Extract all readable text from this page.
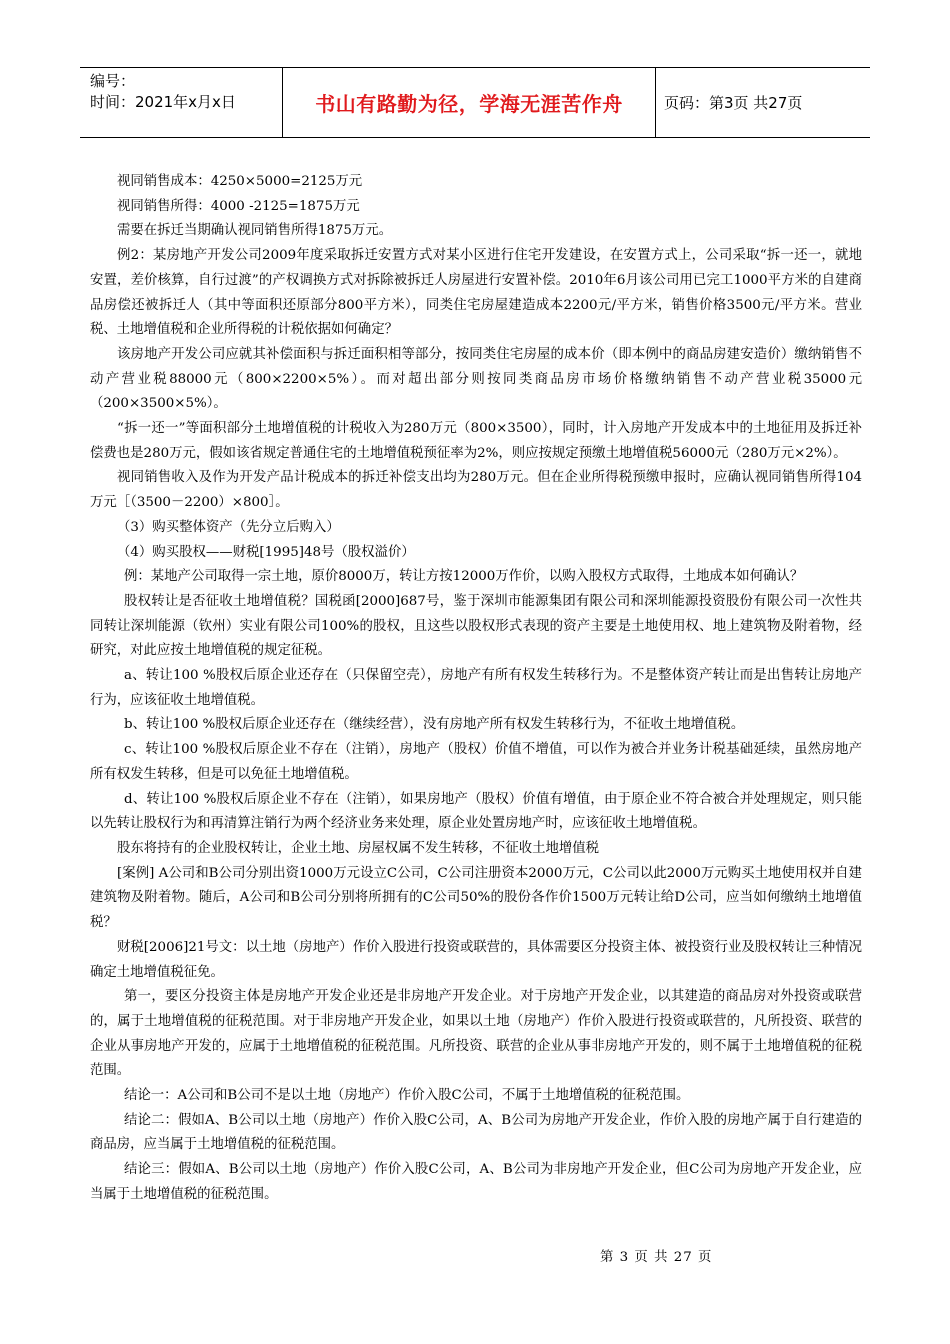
编号：
时间：2021年x月x日	书山有路勤为径，学海无涯苦作舟	页码：第3页 共27页

视同销售成本：4250×5000=2125万元

视同销售所得：4000 -2125=1875万元

需要在拆迁当期确认视同销售所得1875万元。

例2：某房地产开发公司2009年度采取拆迁安置方式对某小区进行住宅开发建设，在安置方式上，公司采取“拆一还一，就地安置，差价核算，自行过渡”的产权调换方式对拆除被拆迁人房屋进行安置补偿。2010年6月该公司用已完工1000平方米的自建商品房偿还被拆迁人（其中等面积还原部分800平方米），同类住宅房屋建造成本2200元/平方米，销售价格3500元/平方米。营业税、土地增值税和企业所得税的计税依据如何确定？

该房地产开发公司应就其补偿面积与拆迁面积相等部分，按同类住宅房屋的成本价（即本例中的商品房建安造价）缴纳销售不动产营业税88000元（800×2200×5%）。而对超出部分则按同类商品房市场价格缴纳销售不动产营业税35000元（200×3500×5%）。

“拆一还一”等面积部分土地增值税的计税收入为280万元（800×3500），同时，计入房地产开发成本中的土地征用及拆迁补偿费也是280万元，假如该省规定普通住宅的土地增值税预征率为2%，则应按规定预缴土地增值税56000元（280万元×2%）。

视同销售收入及作为开发产品计税成本的拆迁补偿支出均为280万元。但在企业所得税预缴申报时，应确认视同销售所得104万元［（3500－2200）×800］。

（3）购买整体资产（先分立后购入）

（4）购买股权——财税[1995]48号（股权溢价）

例：某地产公司取得一宗土地，原价8000万，转让方按12000万作价，以购入股权方式取得，土地成本如何确认？

股权转让是否征收土地增值税？国税函[2000]687号，鉴于深圳市能源集团有限公司和深圳能源投资股份有限公司一次性共同转让深圳能源（钦州）实业有限公司100%的股权，且这些以股权形式表现的资产主要是土地使用权、地上建筑物及附着物，经研究，对此应按土地增值税的规定征税。

a、转让100 %股权后原企业还存在（只保留空壳），房地产有所有权发生转移行为。不是整体资产转让而是出售转让房地产行为，应该征收土地增值税。

b、转让100 %股权后原企业还存在（继续经营），没有房地产所有权发生转移行为，不征收土地增值税。

c、转让100 %股权后原企业不存在（注销），房地产（股权）价值不增值，可以作为被合并业务计税基础延续，虽然房地产所有权发生转移，但是可以免征土地增值税。

d、转让100 %股权后原企业不存在（注销），如果房地产（股权）价值有增值，由于原企业不符合被合并处理规定，则只能以先转让股权行为和再清算注销行为两个经济业务来处理，原企业处置房地产时，应该征收土地增值税。

股东将持有的企业股权转让，企业土地、房屋权属不发生转移，不征收土地增值税

[案例] A公司和B公司分别出资1000万元设立C公司，C公司注册资本2000万元，C公司以此2000万元购买土地使用权并自建建筑物及附着物。随后，A公司和B公司分别将所拥有的C公司50%的股份各作价1500万元转让给D公司，应当如何缴纳土地增值税？

财税[2006]21号文：以土地（房地产）作价入股进行投资或联营的，具体需要区分投资主体、被投资行业及股权转让三种情况确定土地增值税征免。

第一，要区分投资主体是房地产开发企业还是非房地产开发企业。对于房地产开发企业，以其建造的商品房对外投资或联营的，属于土地增值税的征税范围。对于非房地产开发企业，如果以土地（房地产）作价入股进行投资或联营的，凡所投资、联营的企业从事房地产开发的，应属于土地增值税的征税范围。凡所投资、联营的企业从事非房地产开发的，则不属于土地增值税的征税范围。

结论一：A公司和B公司不是以土地（房地产）作价入股C公司，不属于土地增值税的征税范围。

结论二：假如A、B公司以土地（房地产）作价入股C公司，A、B公司为房地产开发企业，作价入股的房地产属于自行建造的商品房，应当属于土地增值税的征税范围。

结论三：假如A、B公司以土地（房地产）作价入股C公司，A、B公司为非房地产开发企业，但C公司为房地产开发企业，应当属于土地增值税的征税范围。

第 3 页 共 27 页
